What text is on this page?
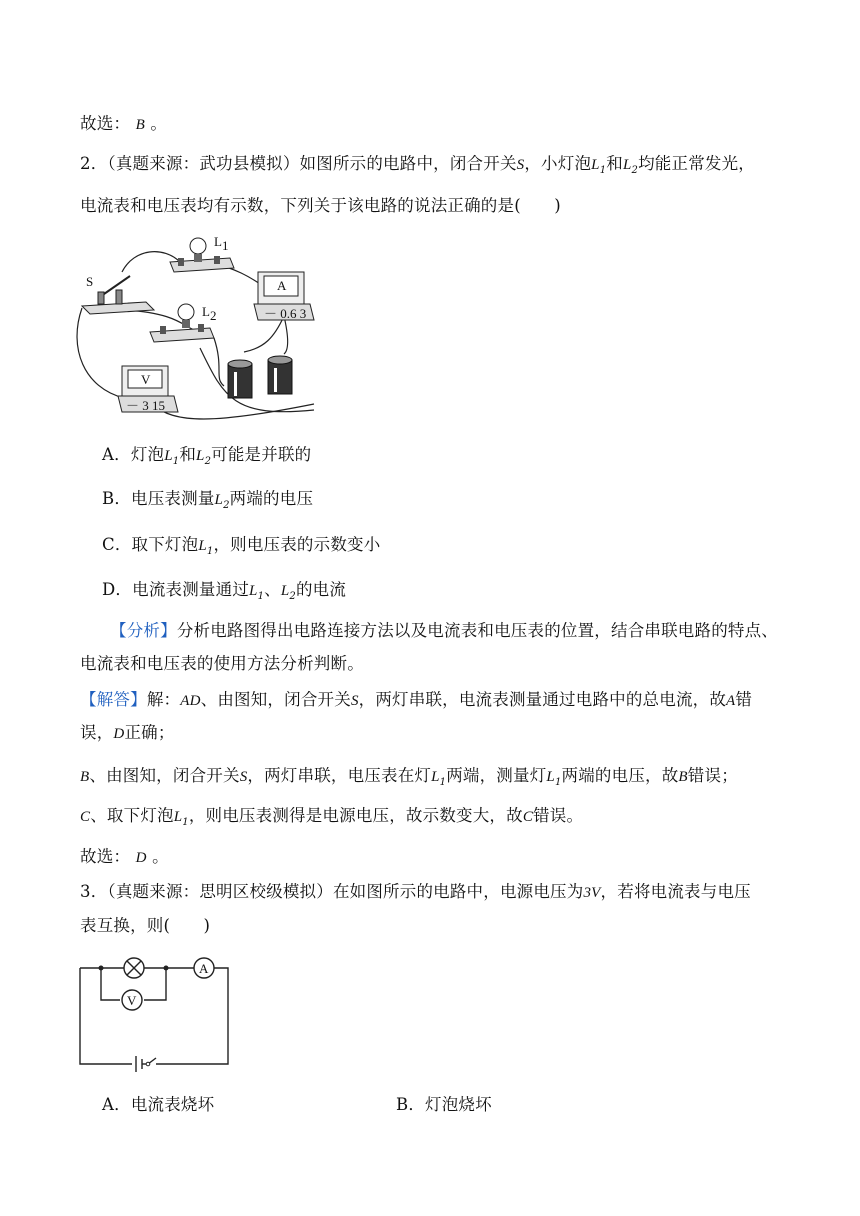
故选： B 。
2．（真题来源：武功县模拟）如图所示的电路中，闭合开关S，小灯泡$L_1$和$L_2$均能正常发光，
电流表和电压表均有示数，下列关于该电路的说法正确的是(　　)
S
L 1
A
－ 0.6 3
L 2
V
－ 3 15
A．灯泡$L_1$和$L_2$可能是并联的
B．电压表测量$L_2$两端的电压
C．取下灯泡$L_1$，则电压表的示数变小
D．电流表测量通过$L_1$、$L_2$的电流
【分析】分析电路图得出电路连接方法以及电流表和电压表的位置，结合串联电路的特点、
电流表和电压表的使用方法分析判断。
【解答】解：AD、由图知，闭合开关S，两灯串联，电流表测量通过电路中的总电流，故A错
误，D正确；
B、由图知，闭合开关S，两灯串联，电压表在灯$L_1$两端，测量灯$L_1$两端的电压，故B错误；
C、取下灯泡$L_1$，则电压表测得是电源电压，故示数变大，故C错误。
故选： D 。
3．（真题来源：思明区校级模拟）在如图所示的电路中，电源电压为3V，若将电流表与电压
表互换，则(　　)
A
V
A．电流表烧坏	B．灯泡烧坏
